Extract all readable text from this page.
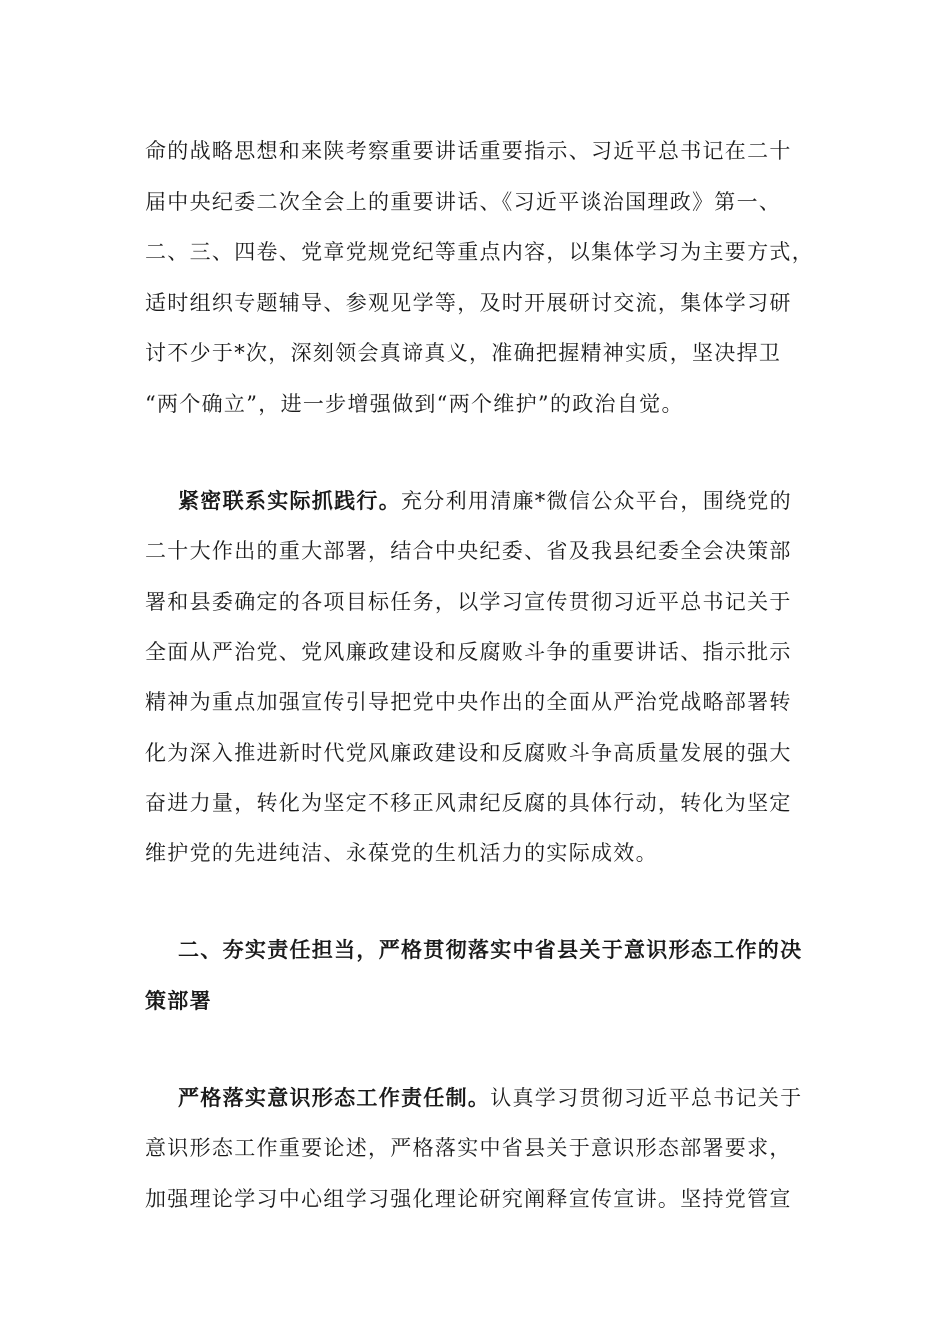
命的战略思想和来陕考察重要讲话重要指示、习近平总书记在二十
届中央纪委二次全会上的重要讲话、《习近平谈治国理政》第一、
二、三、四卷、党章党规党纪等重点内容，以集体学习为主要方式，
适时组织专题辅导、参观见学等，及时开展研讨交流，集体学习研
讨不少于*次，深刻领会真谛真义，准确把握精神实质，坚决捍卫
“两个确立”，进一步增强做到“两个维护”的政治自觉。
紧密联系实际抓践行。充分利用清廉*微信公众平台，围绕党的
二十大作出的重大部署，结合中央纪委、省及我县纪委全会决策部
署和县委确定的各项目标任务，以学习宣传贯彻习近平总书记关于
全面从严治党、党风廉政建设和反腐败斗争的重要讲话、指示批示
精神为重点加强宣传引导把党中央作出的全面从严治党战略部署转
化为深入推进新时代党风廉政建设和反腐败斗争高质量发展的强大
奋进力量，转化为坚定不移正风肃纪反腐的具体行动，转化为坚定
维护党的先进纯洁、永葆党的生机活力的实际成效。
二、夯实责任担当，严格贯彻落实中省县关于意识形态工作的决
策部署
严格落实意识形态工作责任制。认真学习贯彻习近平总书记关于
意识形态工作重要论述，严格落实中省县关于意识形态部署要求，
加强理论学习中心组学习强化理论研究阐释宣传宣讲。坚持党管宣
